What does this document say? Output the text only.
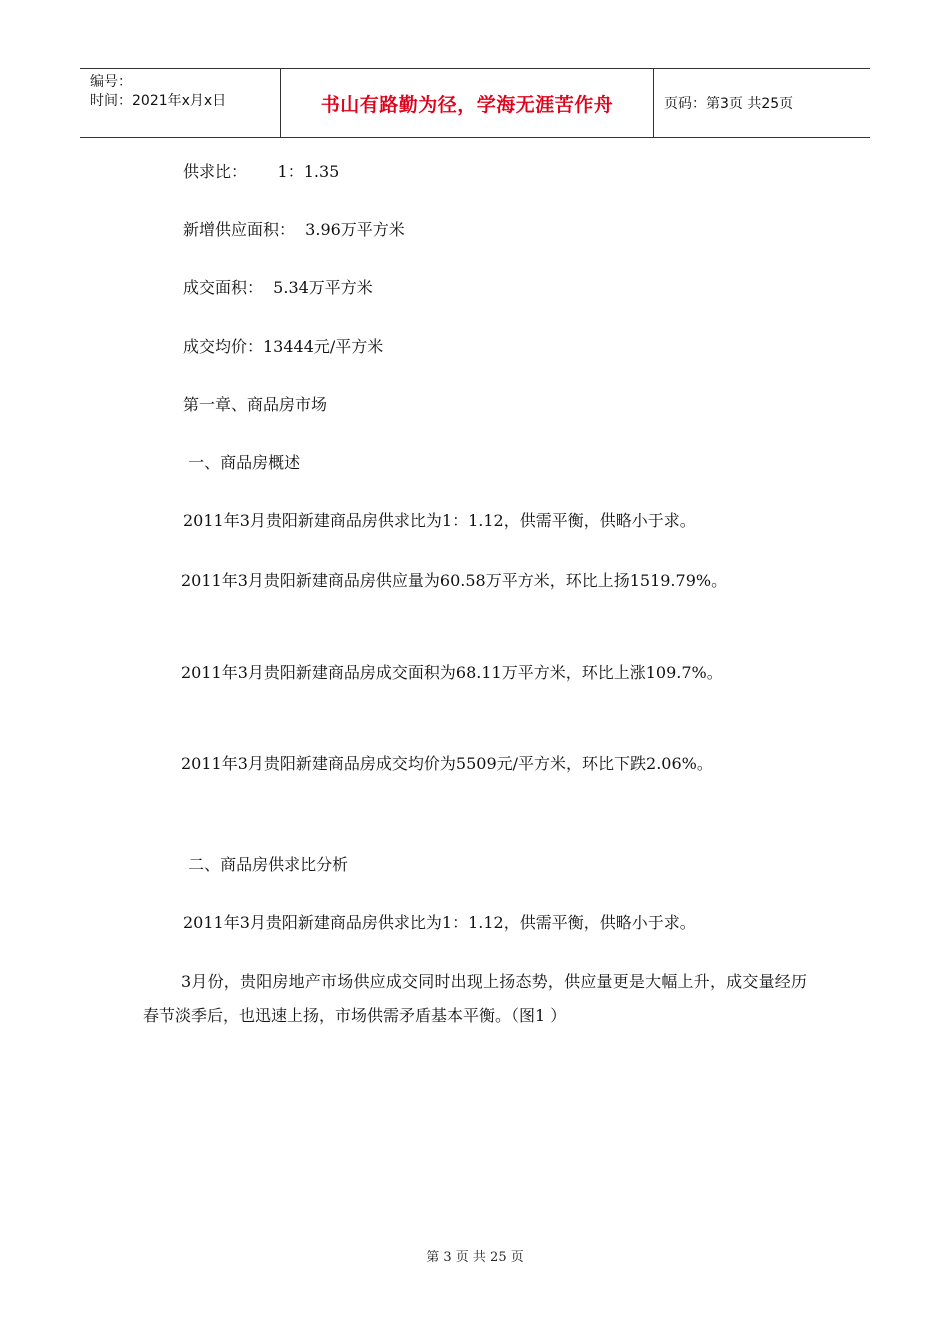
编号：
时间：2021年x月x日	书山有路勤为径，学海无涯苦作舟	页码：第3页 共25页
供求比：      1：1.35
新增供应面积：  3.96万平方米
成交面积：  5.34万平方米
成交均价：13444元/平方米
第一章、商品房市场
一、商品房概述
2011年3月贵阳新建商品房供求比为1：1.12，供需平衡，供略小于求。
2011年3月贵阳新建商品房供应量为60.58万平方米，环比上扬1519.79%。
2011年3月贵阳新建商品房成交面积为68.11万平方米，环比上涨109.7%。
2011年3月贵阳新建商品房成交均价为5509元/平方米，环比下跌2.06%。
二、商品房供求比分析
2011年3月贵阳新建商品房供求比为1：1.12，供需平衡，供略小于求。
3月份，贵阳房地产市场供应成交同时出现上扬态势，供应量更是大幅上升，成交量经历春节淡季后，也迅速上扬，市场供需矛盾基本平衡。（图1 ）
第 3 页 共 25 页
